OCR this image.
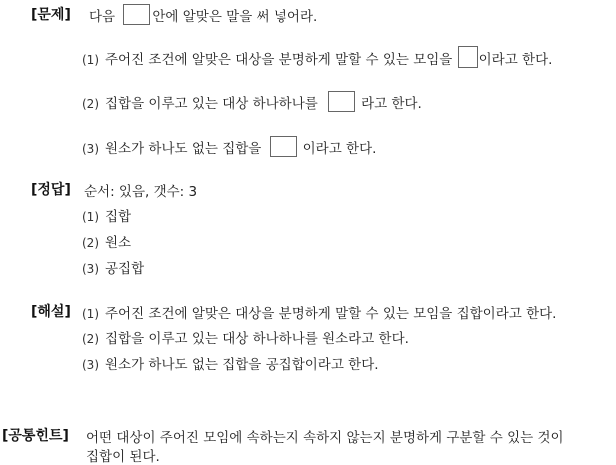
[문제] 다음	안에 알맞은 말을 써 넣어라.
(1) 주어진 조건에 알맞은 대상을 분명하게 말할 수 있는 모임을 이라고 한다.
(2) 집합을 이루고 있는 대상 하나하나를	라고 한다.
(3) 원소가 하나도 없는 집합을	이라고 한다.
[정답] 순서: 있음, 갯수: 3
(1) 집합
(2) 원소
(3) 공집합
[해설] (1) 주어진 조건에 알맞은 대상을 분명하게 말할 수 있는 모임을 집합이라고 한다.
(2) 집합을 이루고 있는 대상 하나하나를 원소라고 한다.
(3) 원소가 하나도 없는 집합을 공집합이라고 한다.
[공통힌트] 어떤 대상이 주어진 모임에 속하는지 속하지 않는지 분명하게 구분할 수 있는 것이
집합이 된다.
